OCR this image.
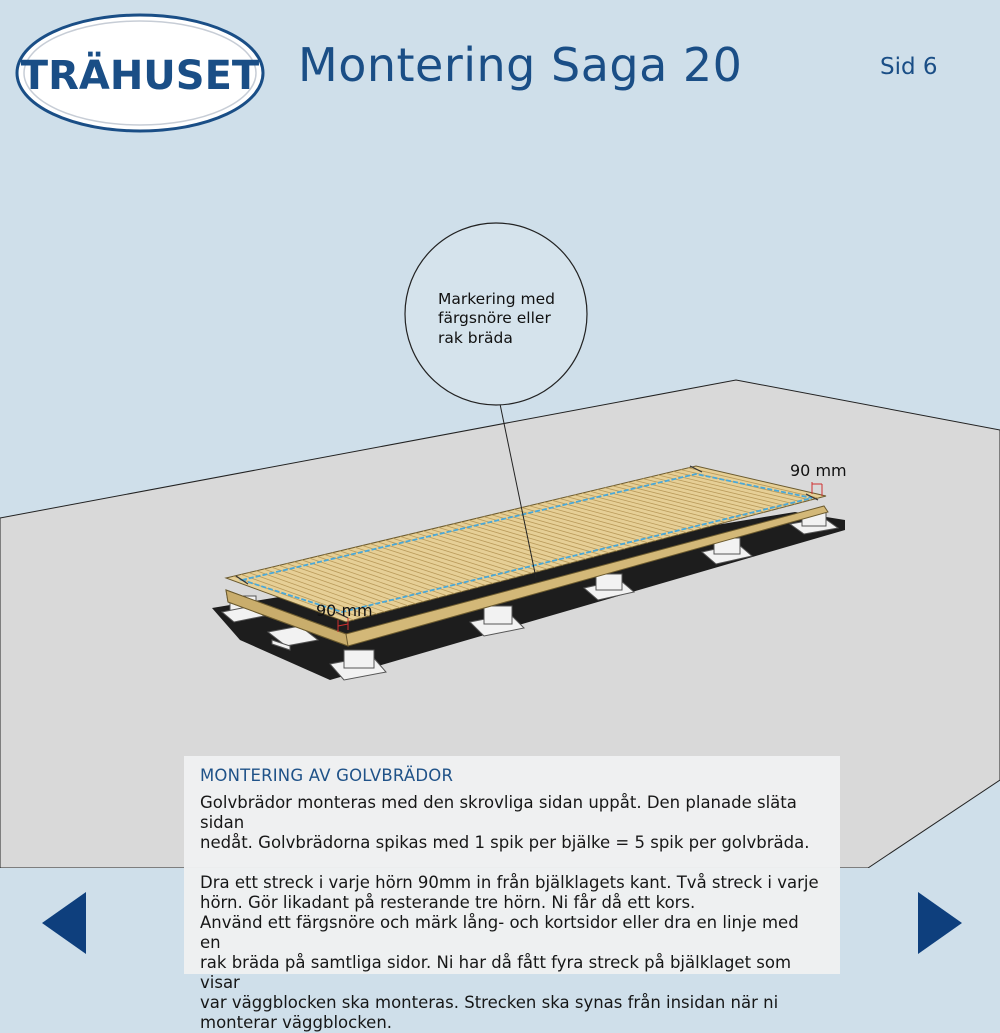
TRÄHUSET Montering Saga 20	Sid 6
90 mm
90 mm
Markering med färgsnöre eller rak bräda
MONTERING AV GOLVBRÄDOR

Golvbrädor monteras med den skrovliga sidan uppåt. Den planade släta sidan
nedåt. Golvbrädorna spikas med 1 spik per bjälke = 5 spik per golvbräda.

Dra ett streck i varje hörn 90mm in från bjälklagets kant. Två streck i varje
hörn. Gör likadant på resterande tre hörn. Ni får då ett kors.
Använd ett färgsnöre och märk lång- och kortsidor eller dra en linje med en
rak bräda på samtliga sidor. Ni har då fått fyra streck på bjälklaget som visar
var väggblocken ska monteras. Strecken ska synas från insidan när ni
monterar väggblocken.
